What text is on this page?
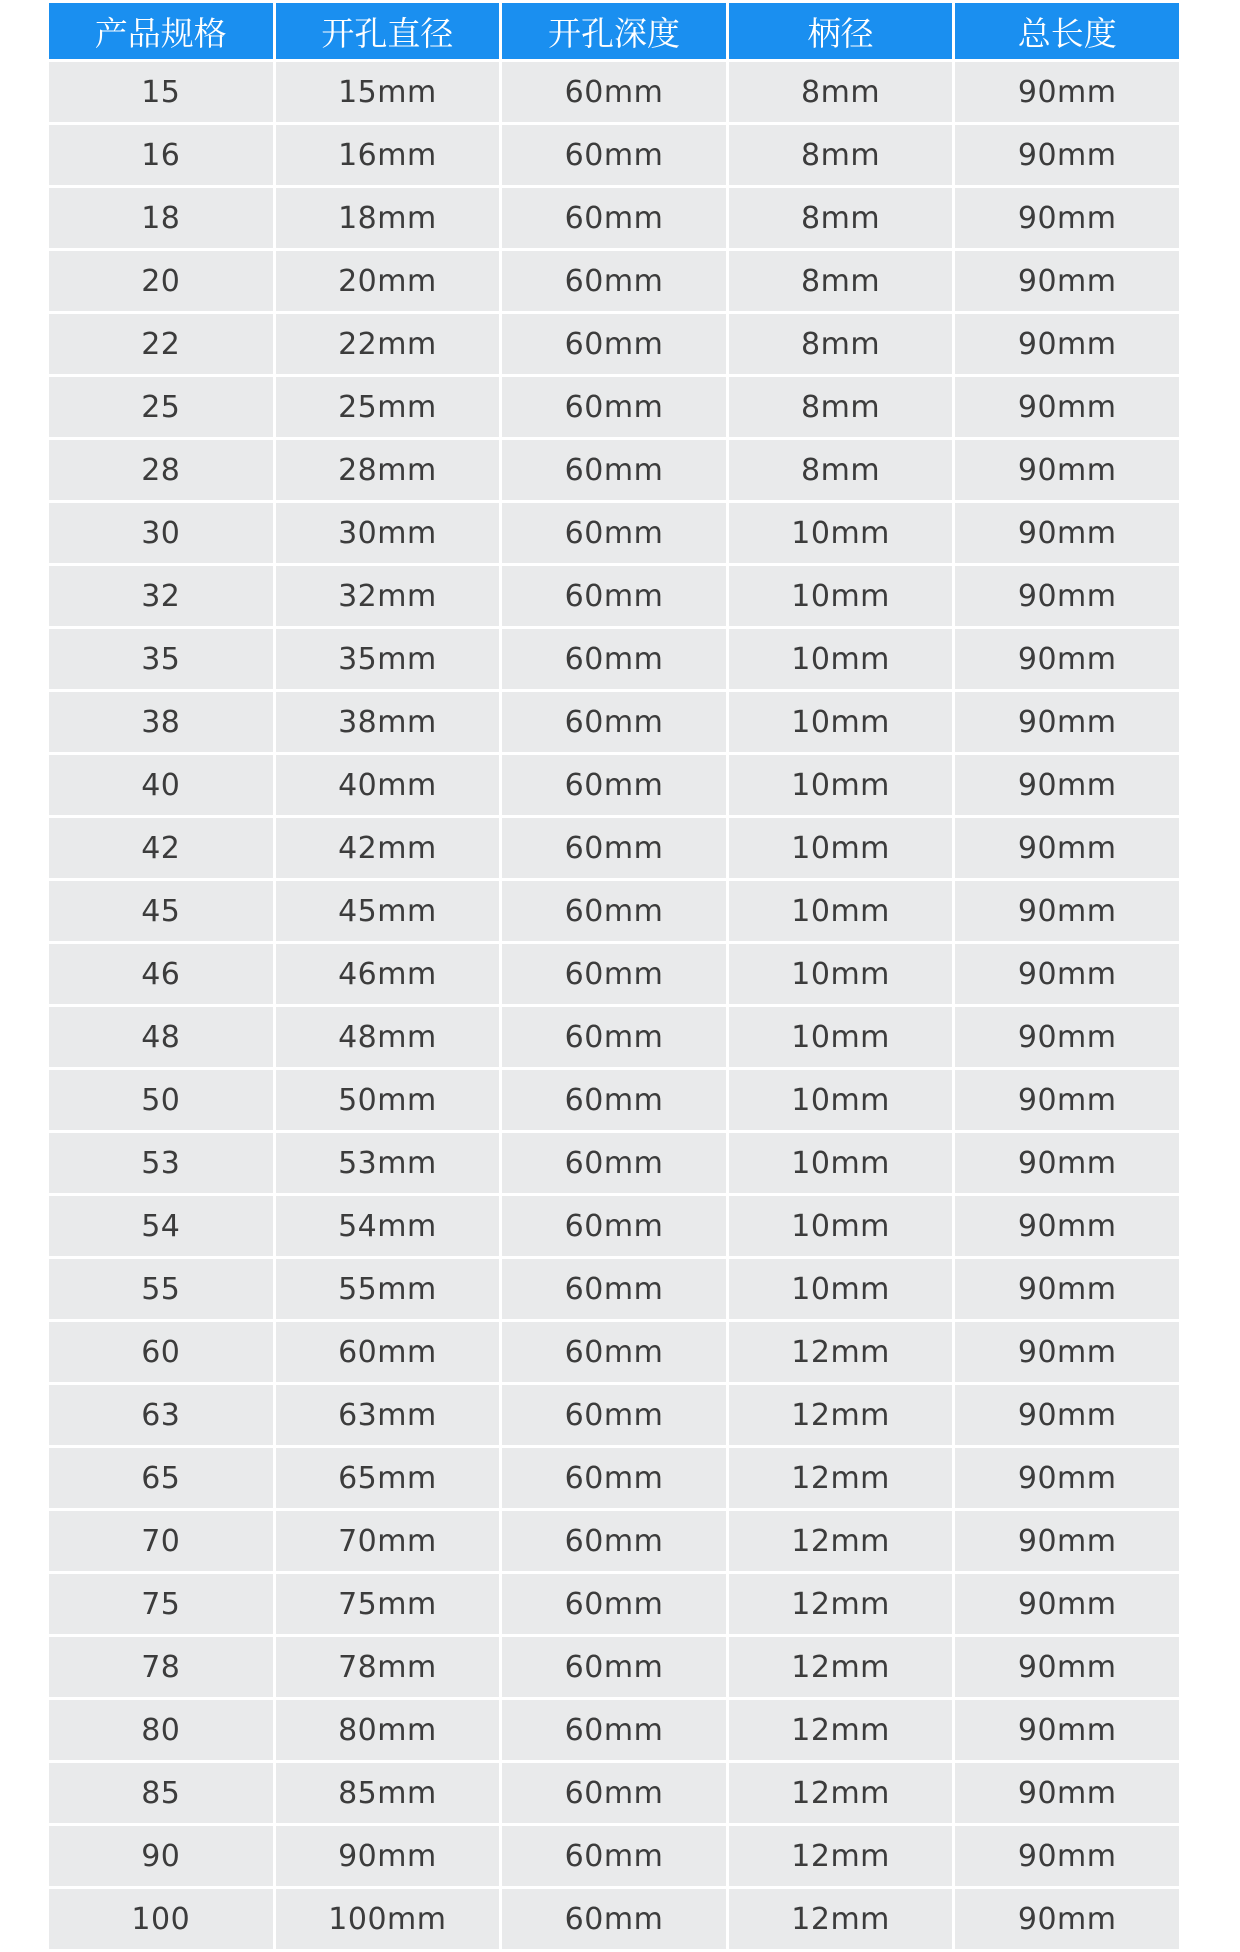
产品规格	开孔直径	开孔深度	柄径	总长度
15	15mm	60mm	8mm	90mm
16	16mm	60mm	8mm	90mm
18	18mm	60mm	8mm	90mm
20	20mm	60mm	8mm	90mm
22	22mm	60mm	8mm	90mm
25	25mm	60mm	8mm	90mm
28	28mm	60mm	8mm	90mm
30	30mm	60mm	10mm	90mm
32	32mm	60mm	10mm	90mm
35	35mm	60mm	10mm	90mm
38	38mm	60mm	10mm	90mm
40	40mm	60mm	10mm	90mm
42	42mm	60mm	10mm	90mm
45	45mm	60mm	10mm	90mm
46	46mm	60mm	10mm	90mm
48	48mm	60mm	10mm	90mm
50	50mm	60mm	10mm	90mm
53	53mm	60mm	10mm	90mm
54	54mm	60mm	10mm	90mm
55	55mm	60mm	10mm	90mm
60	60mm	60mm	12mm	90mm
63	63mm	60mm	12mm	90mm
65	65mm	60mm	12mm	90mm
70	70mm	60mm	12mm	90mm
75	75mm	60mm	12mm	90mm
78	78mm	60mm	12mm	90mm
80	80mm	60mm	12mm	90mm
85	85mm	60mm	12mm	90mm
90	90mm	60mm	12mm	90mm
100	100mm	60mm	12mm	90mm
